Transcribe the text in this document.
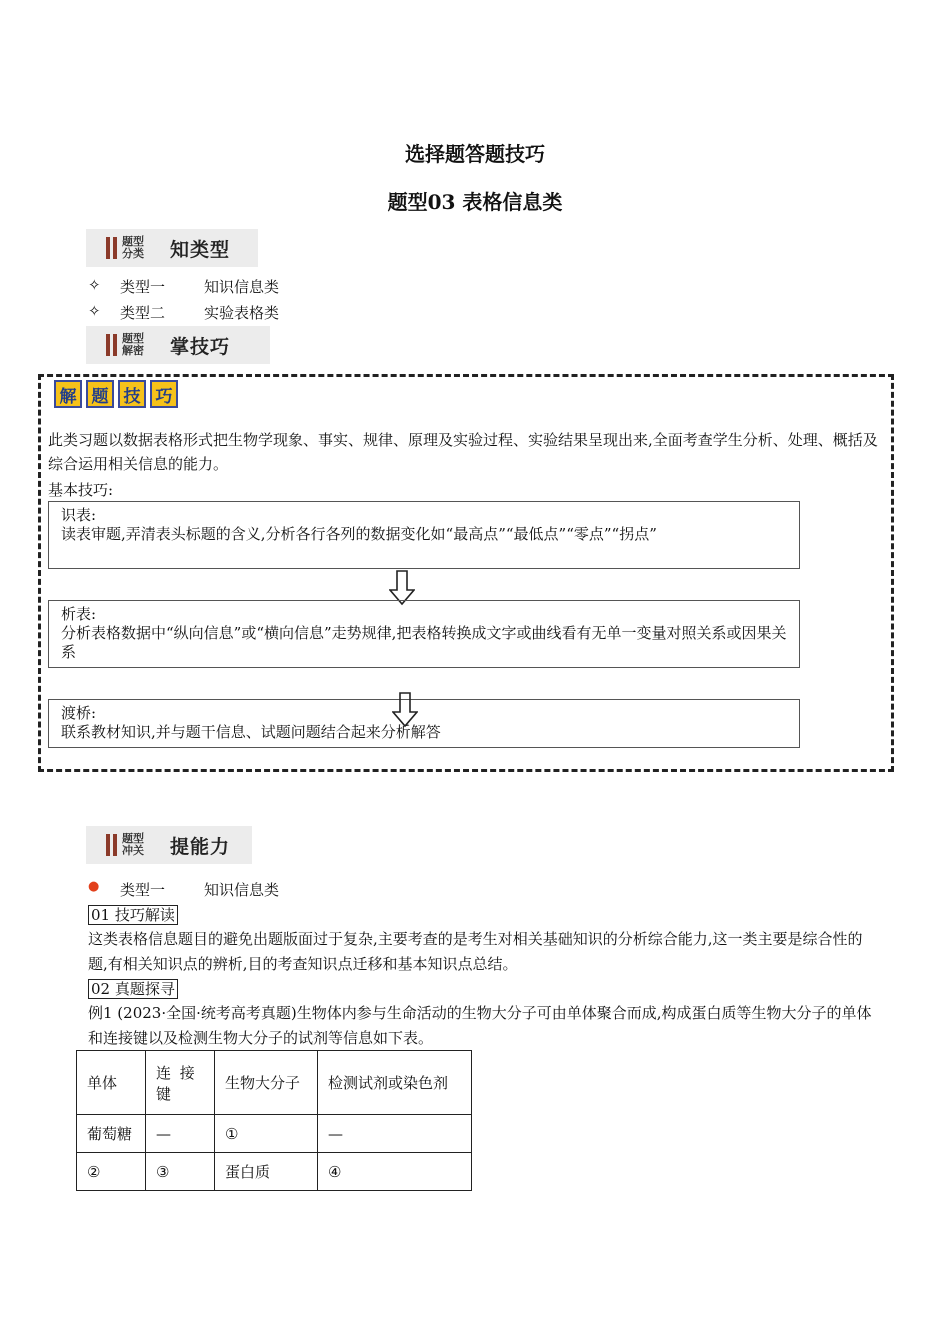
选择题答题技巧
题型03 表格信息类
题型分类	知类型
✧	类型一	知识信息类
✧	类型二	实验表格类
题型解密	掌技巧
解 题 技 巧
此类习题以数据表格形式把生物学现象、事实、规律、原理及实验过程、实验结果呈现出来,全面考查学生分析、处理、概括及综合运用相关信息的能力。
基本技巧:
识表:
读表审题,弄清表头标题的含义,分析各行各列的数据变化如“最高点”“最低点”“零点”“拐点”
析表:
分析表格数据中“纵向信息”或“横向信息”走势规律,把表格转换成文字或曲线看有无单一变量对照关系或因果关系
渡桥:
联系教材知识,并与题干信息、试题问题结合起来分析解答
题型冲关	提能力
●	类型一	知识信息类
01 技巧解读
这类表格信息题目的避免出题版面过于复杂,主要考查的是考生对相关基础知识的分析综合能力,这一类主要是综合性的题,有相关知识点的辨析,目的考查知识点迁移和基本知识点总结。
02 真题探寻
例1 (2023·全国·统考高考真题)生物体内参与生命活动的生物大分子可由单体聚合而成,构成蛋白质等生物大分子的单体和连接键以及检测生物大分子的试剂等信息如下表。
单体	连 接 键	生物大分子	检测试剂或染色剂
葡萄糖	—	①	—
②	③	蛋白质	④
